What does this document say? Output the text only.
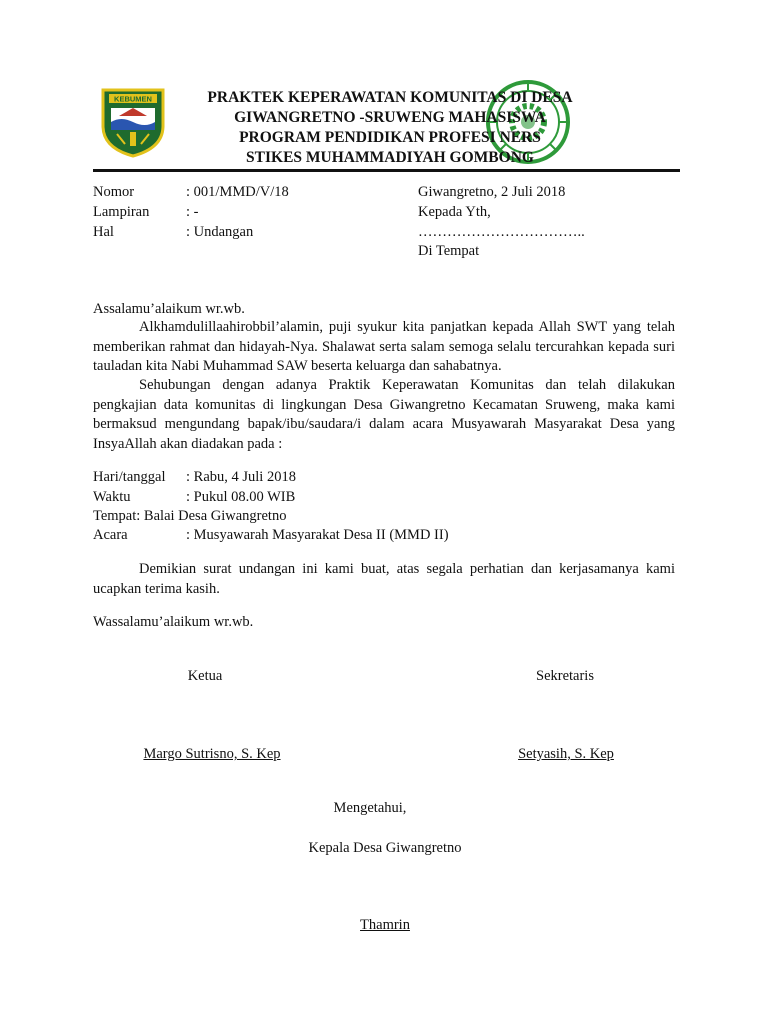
KEBUMEN	PRAKTEK KEPERAWATAN KOMUNITAS DI DESA
GIWANGRETNO -SRUWENG MAHASISWA
PROGRAM PENDIDIKAN PROFESI NERS
STIKES MUHAMMADIYAH GOMBONG
Nomor	: 001/MMD/V/18
Lampiran	: -
Hal	: Undangan
Giwangretno, 2 Juli 2018
Kepada Yth,
……………………………..
Di Tempat
Assalamu’alaikum wr.wb.
Alkhamdulillaahirobbil’alamin, puji syukur kita panjatkan kepada Allah SWT yang telah memberikan rahmat dan hidayah-Nya. Shalawat serta salam semoga selalu tercurahkan kepada suri tauladan kita Nabi Muhammad SAW beserta keluarga dan sahabatnya.
Sehubungan dengan adanya Praktik Keperawatan Komunitas dan telah dilakukan pengkajian data komunitas di lingkungan Desa Giwangretno Kecamatan Sruweng, maka kami bermaksud mengundang bapak/ibu/saudara/i dalam acara Musyawarah Masyarakat Desa yang InsyaAllah akan diadakan pada :
Hari/tanggal : Rabu, 4 Juli 2018
Waktu	: Pukul 08.00 WIB
Tempat: Balai Desa Giwangretno
Acara	: Musyawarah Masyarakat Desa II (MMD II)
Demikian surat undangan ini kami buat, atas segala perhatian dan kerjasamanya kami ucapkan terima kasih.
Wassalamu’alaikum wr.wb.
Ketua	Sekretaris
Margo Sutrisno, S. Kep	Setyasih, S. Kep
Mengetahui,
Kepala Desa Giwangretno
Thamrin
